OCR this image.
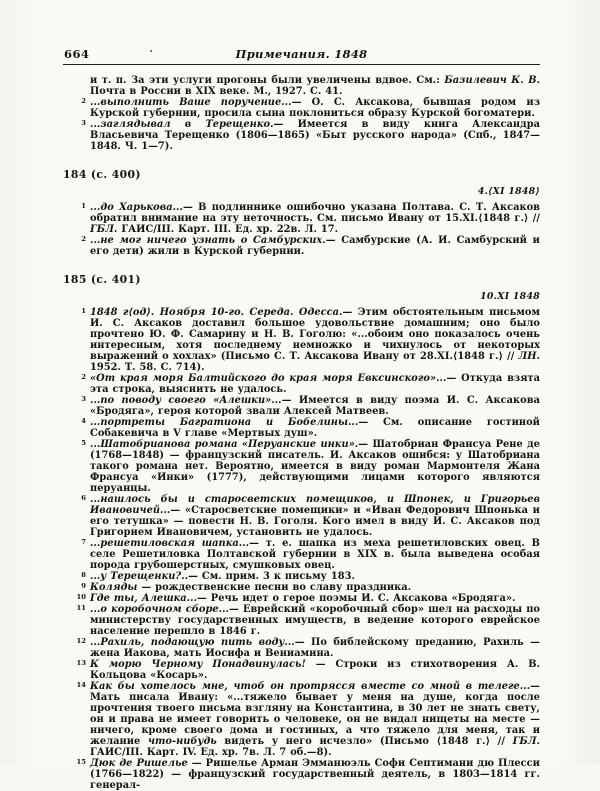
664	Примечания. 1848
и т. п. За эти услуги прогоны были увеличены вдвое. См.: Базилевич К. В. Почта в России в XIX веке. М., 1927. С. 41.
2 ...выполнить Ваше поручение...— О. С. Аксакова, бывшая родом из Курской губернии, просила сына поклониться образу Курской богоматери.
3 ...заглядывал в Терещенко.— Имеется в виду книга Александра Власьевича Терещенко (1806—1865) «Быт русского народа» (Спб., 1847—1848. Ч. 1—7).
184 (с. 400)
4.⟨XI 1848⟩
1 ...до Харькова...— В подлиннике ошибочно указана Полтава. С. Т. Аксаков обратил внимание на эту неточность. См. письмо Ивану от 15.XI.⟨1848 г.⟩ // ГБЛ. ГАИС/III. Карт. III. Ед. хр. 22в. Л. 17.
2 ...не мог ничего узнать о Самбурских.— Самбурские (А. И. Самбурский и его дети) жили в Курской губернии.
185 (с. 401)
10.XI 1848
1 1848 г⟨од⟩. Ноября 10-го. Середа. Одесса.— Этим обстоятельным письмом И. С. Аксаков доставил большое удовольствие домашним; оно было прочтено Ю. Ф. Самарину и Н. В. Гоголю: «...обоим оно показалось очень интересным, хотя последнему немножко и чихнулось от некоторых выражений о хохлах» (Письмо С. Т. Аксакова Ивану от 28.XI.⟨1848 г.⟩ // ЛН. 1952. Т. 58. С. 714).
2 «От края моря Балтийского до края моря Евксинского»...— Откуда взята эта строка, выяснить не удалось.
3 ...по поводу своего «Алешки»...— Имеется в виду поэма И. С. Аксакова «Бродяга», героя которой звали Алексей Матвеев.
4 ...портреты Багратиона и Бобелины...— См. описание гостиной Собакевича в V главе «Мертвых душ».
5 ...Шатобрианова романа «Перуанские инки».— Шатобриан Франсуа Рене де (1768—1848) — французский писатель. И. Аксаков ошибся: у Шатобриана такого романа нет. Вероятно, имеется в виду роман Мармонтеля Жана Франсуа «Инки» (1777), действующими лицами которого являются перуанцы.
6 ...нашлось бы и старосветских помещиков, и Шпонек, и Григорьев Ивановичей...— «Старосветские помещики» и «Иван Федорович Шпонька и его тетушка» — повести Н. В. Гоголя. Кого имел в виду И. С. Аксаков под Григорием Ивановичем, установить не удалось.
7 ...решетиловская шапка...— т. е. шапка из меха решетиловских овец. В селе Решетиловка Полтавской губернии в XIX в. была выведена особая порода грубошерстных, смушковых овец.
8 ...у Терещенки?..— См. прим. 3 к письму 183.
9 Коляды — рождественские песни во славу праздника.
10 Где ты, Алешка...— Речь идет о герое поэмы И. С. Аксакова «Бродяга».
11 ...о коробочном сборе...— Еврейский «коробочный сбор» шел на расходы по министерству государственных имуществ, в ведение которого еврейское население перешло в 1846 г.
12 ...Рахиль, подающую пить воду...— По библейскому преданию, Рахиль — жена Иакова, мать Иосифа и Вениамина.
13 К морю Черному Понадвинулась! — Строки из стихотворения А. В. Кольцова «Косарь».
14 Как бы хотелось мне, чтоб он протрясся вместе со мной в телеге...— Мать писала Ивану: «...тяжело бывает у меня на душе, когда после прочтения твоего письма взгляну на Константина, в 30 лет не знать свету, он и права не имеет говорить о человеке, он не видал нищеты на месте — ничего, кроме своего дома и гостиных, а что тяжело для меня, так и желание что-нибудь видеть у него исчезло» (Письмо ⟨1848 г.⟩ // ГБЛ. ГАИС/III. Карт. IV. Ед. хр. 7в. Л. 7 об.—8).
15 Дюк де Ришелье — Ришелье Арман Эмманюэль Софи Септимани дю Плесси (1766—1822) — французский государственный деятель, в 1803—1814 гг. генерал-
